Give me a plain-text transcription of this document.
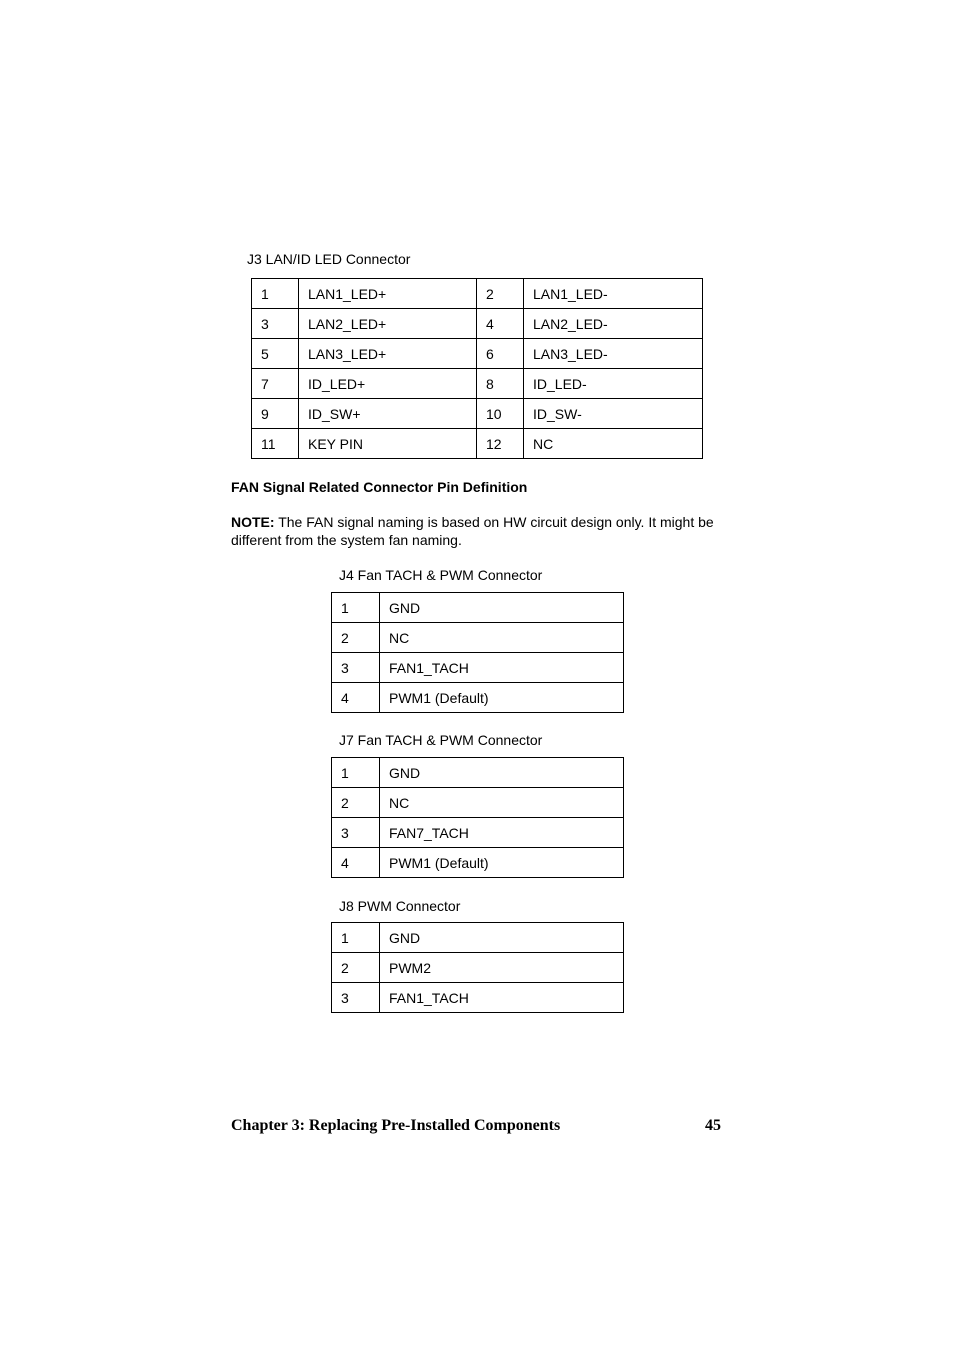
J3 LAN/ID LED Connector
1	LAN1_LED+	2	LAN1_LED-
3	LAN2_LED+	4	LAN2_LED-
5	LAN3_LED+	6	LAN3_LED-
7	ID_LED+	8	ID_LED-
9	ID_SW+	10	ID_SW-
11	KEY PIN	12	NC
FAN Signal Related Connector Pin Definition
NOTE: The FAN signal naming is based on HW circuit design only. It might be different from the system fan naming.
J4 Fan TACH & PWM Connector
1	GND
2	NC
3	FAN1_TACH
4	PWM1 (Default)
J7 Fan TACH & PWM Connector
1	GND
2	NC
3	FAN7_TACH
4	PWM1 (Default)
J8 PWM Connector
1	GND
2	PWM2
3	FAN1_TACH
Chapter 3: Replacing Pre-Installed Components	45
